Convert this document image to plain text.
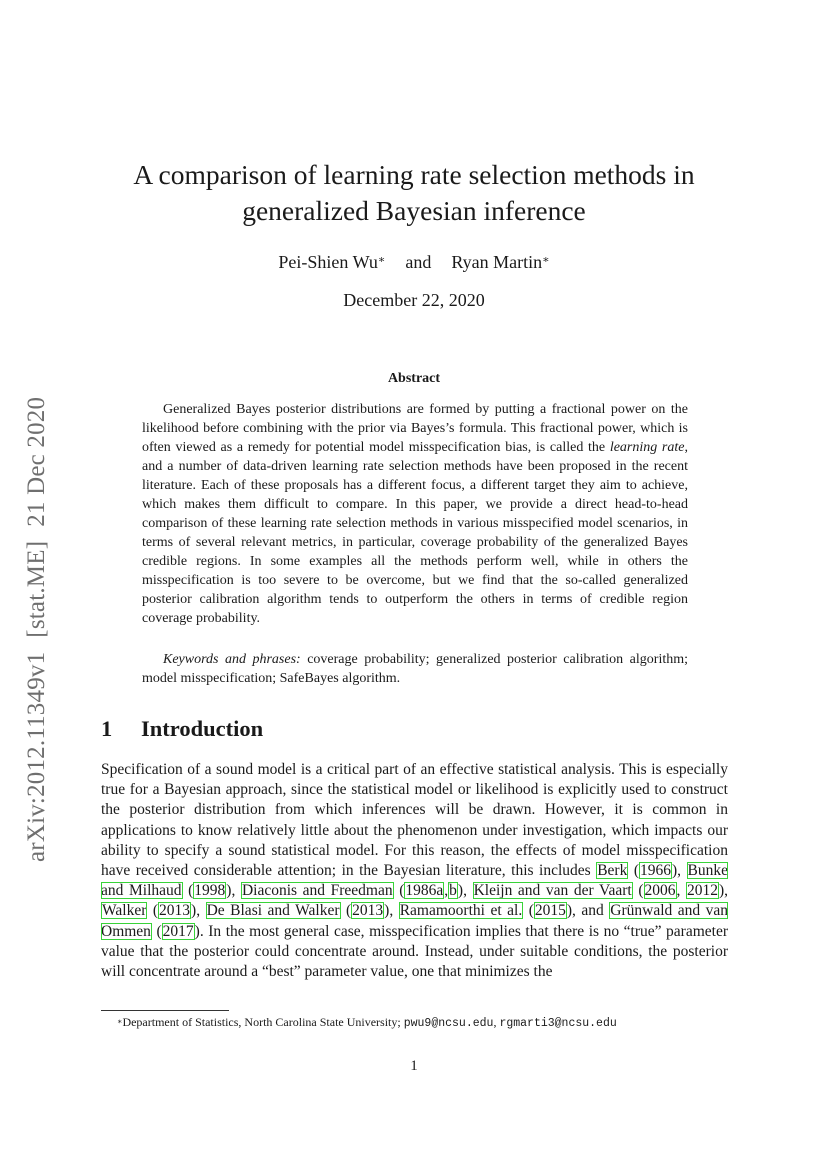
arXiv:2012.11349v1[stat.ME]21 Dec 2020
A comparison of learning rate selection methods in generalized Bayesian inference
Pei-Shien Wu∗ and Ryan Martin∗
December 22, 2020
Abstract

Generalized Bayes posterior distributions are formed by putting a fractional power on the likelihood before combining with the prior via Bayes’s formula. This fractional power, which is often viewed as a remedy for potential model misspecification bias, is called the learning rate, and a number of data-driven learning rate selection methods have been proposed in the recent literature. Each of these proposals has a different focus, a different target they aim to achieve, which makes them difficult to compare. In this paper, we provide a direct head-to-head comparison of these learning rate selection methods in various misspecified model scenarios, in terms of several relevant metrics, in particular, coverage probability of the generalized Bayes credible regions. In some examples all the methods perform well, while in others the misspecification is too severe to be overcome, but we find that the so-called generalized posterior calibration algorithm tends to outperform the others in terms of credible region coverage probability.

Keywords and phrases: coverage probability; generalized posterior calibration algorithm; model misspecification; SafeBayes algorithm.

1 Introduction

Specification of a sound model is a critical part of an effective statistical analysis. This is especially true for a Bayesian approach, since the statistical model or likelihood is explicitly used to construct the posterior distribution from which inferences will be drawn. However, it is common in applications to know relatively little about the phenomenon under investigation, which impacts our ability to specify a sound statistical model. For this reason, the effects of model misspecification have received considerable attention; in the Bayesian literature, this includes Berk (1966), Bunke and Milhaud (1998), Diaconis and Freedman (1986a,b), Kleijn and van der Vaart (2006, 2012), Walker (2013), De Blasi and Walker (2013), Ramamoorthi et al. (2015), and Grünwald and van Ommen (2017). In the most general case, misspecification implies that there is no “true” parameter value that the posterior could concentrate around. Instead, under suitable conditions, the posterior will concentrate around a “best” parameter value, one that minimizes the

∗Department of Statistics, North Carolina State University; pwu9@ncsu.edu, rgmarti3@ncsu.edu
1
